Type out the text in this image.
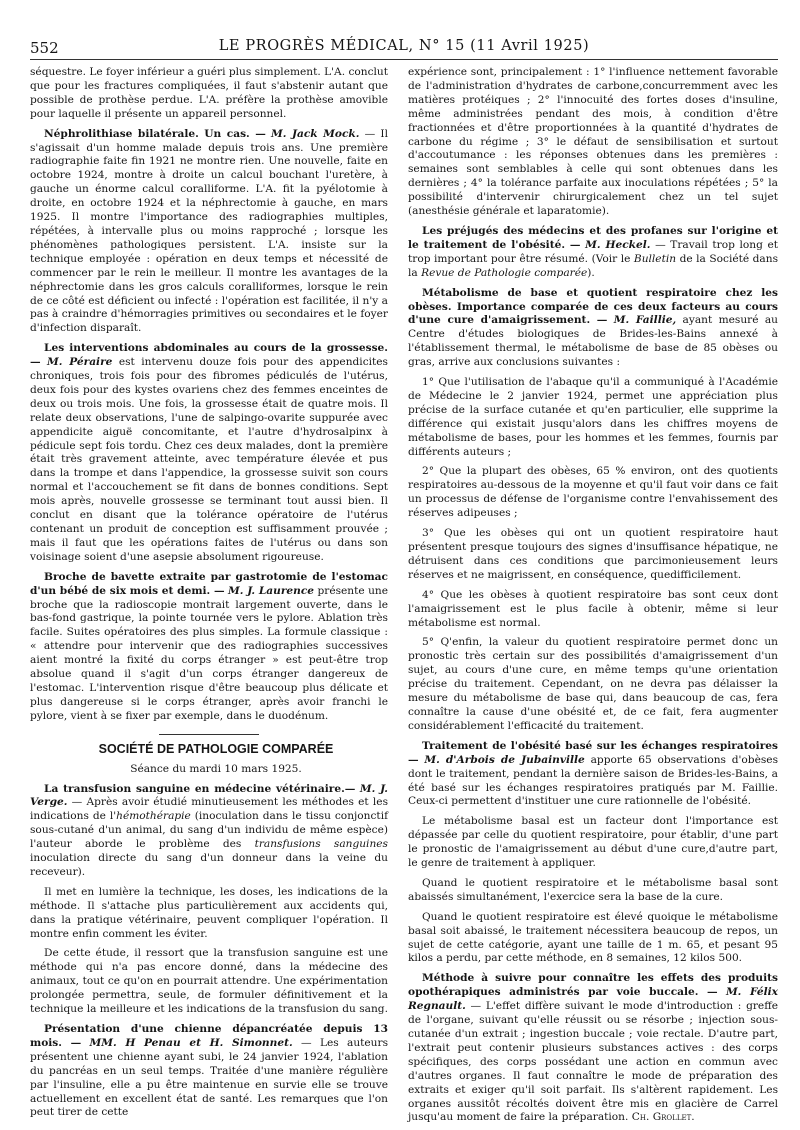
552	LE PROGRÈS MÉDICAL, N° 15 (11 Avril 1925)

séquestre. Le foyer inférieur a guéri plus simplement. L'A. conclut que pour les fractures compliquées, il faut s'abstenir autant que possible de prothèse perdue. L'A. préfère la prothèse amovible pour laquelle il présente un appareil personnel.

Néphrolithiase bilatérale. Un cas. — M. Jack Mock. — Il s'agissait d'un homme malade depuis trois ans. Une première radiographie faite fin 1921 ne montre rien. Une nouvelle, faite en octobre 1924, montre à droite un calcul bouchant l'uretère, à gauche un énorme calcul coralliforme. L'A. fit la pyélotomie à droite, en octobre 1924 et la néphrectomie à gauche, en mars 1925. Il montre l'importance des radiographies multiples, répétées, à intervalle plus ou moins rapproché ; lorsque les phénomènes pathologiques persistent. L'A. insiste sur la technique employée : opération en deux temps et nécessité de commencer par le rein le meilleur. Il montre les avantages de la néphrectomie dans les gros calculs coralliformes, lorsque le rein de ce côté est déficient ou infecté : l'opération est facilitée, il n'y a pas à craindre d'hémorragies primitives ou secondaires et le foyer d'infection disparaît.

Les interventions abdominales au cours de la grossesse. — M. Péraire est intervenu douze fois pour des appendicites chroniques, trois fois pour des fibromes pédiculés de l'utérus, deux fois pour des kystes ovariens chez des femmes enceintes de deux ou trois mois. Une fois, la grossesse était de quatre mois. Il relate deux observations, l'une de salpingo-ovarite suppurée avec appendicite aiguë concomitante, et l'autre d'hydrosalpinx à pédicule sept fois tordu. Chez ces deux malades, dont la première était très gravement atteinte, avec température élevée et pus dans la trompe et dans l'appendice, la grossesse suivit son cours normal et l'accouchement se fit dans de bonnes conditions. Sept mois après, nouvelle grossesse se terminant tout aussi bien. Il conclut en disant que la tolérance opératoire de l'utérus contenant un produit de conception est suffisamment prouvée ; mais il faut que les opérations faites de l'utérus ou dans son voisinage soient d'une asepsie absolument rigoureuse.

Broche de bavette extraite par gastrotomie de l'estomac d'un bébé de six mois et demi. — M. J. Laurence présente une broche que la radioscopie montrait largement ouverte, dans le bas-fond gastrique, la pointe tournée vers le pylore. Ablation très facile. Suites opératoires des plus simples. La formule classique : « attendre pour intervenir que des radiographies successives aient montré la fixité du corps étranger » est peut-être trop absolue quand il s'agit d'un corps étranger dangereux de l'estomac. L'intervention risque d'être beaucoup plus délicate et plus dangereuse si le corps étranger, après avoir franchi le pylore, vient à se fixer par exemple, dans le duodénum.

SOCIÉTÉ DE PATHOLOGIE COMPARÉE

Séance du mardi 10 mars 1925.

La transfusion sanguine en médecine vétérinaire.— M. J. Verge. — Après avoir étudié minutieusement les méthodes et les indications de l'hémothérapie (inoculation dans le tissu conjonctif sous-cutané d'un animal, du sang d'un individu de même espèce) l'auteur aborde le problème des transfusions sanguines inoculation directe du sang d'un donneur dans la veine du receveur).

Il met en lumière la technique, les doses, les indications de la méthode. Il s'attache plus particulièrement aux accidents qui, dans la pratique vétérinaire, peuvent compliquer l'opération. Il montre enfin comment les éviter.

De cette étude, il ressort que la transfusion sanguine est une méthode qui n'a pas encore donné, dans la médecine des animaux, tout ce qu'on en pourrait attendre. Une expérimentation prolongée permettra, seule, de formuler définitivement et la technique la meilleure et les indications de la transfusion du sang.

Présentation d'une chienne dépancréatée depuis 13 mois. — MM. H Penau et H. Simonnet. — Les auteurs présentent une chienne ayant subi, le 24 janvier 1924, l'ablation du pancréas en un seul temps. Traitée d'une manière régulière par l'insuline, elle a pu être maintenue en survie elle se trouve actuellement en excellent état de santé. Les remarques que l'on peut tirer de cette

expérience sont, principalement : 1° l'influence nettement favorable de l'administration d'hydrates de carbone,concurremment avec les matières protéiques ; 2° l'innocuité des fortes doses d'insuline, même administrées pendant des mois, à condition d'être fractionnées et d'être proportionnées à la quantité d'hydrates de carbone du régime ; 3° le défaut de sensibilisation et surtout d'accoutumance : les réponses obtenues dans les premières : semaines sont semblables à celle qui sont obtenues dans les dernières ; 4° la tolérance parfaite aux inoculations répétées ; 5° la possibilité d'intervenir chirurgicalement chez un tel sujet (anesthésie générale et laparatomie).

Les préjugés des médecins et des profanes sur l'origine et le traitement de l'obésité. — M. Heckel. — Travail trop long et trop important pour être résumé. (Voir le Bulletin de la Société dans la Revue de Pathologie comparée).

Métabolisme de base et quotient respiratoire chez les obèses. Importance comparée de ces deux facteurs au cours d'une cure d'amaigrissement. — M. Faillie, ayant mesuré au Centre d'études biologiques de Brides-les-Bains annexé à l'établissement thermal, le métabolisme de base de 85 obèses ou gras, arrive aux conclusions suivantes :

1° Que l'utilisation de l'abaque qu'il a communiqué à l'Académie de Médecine le 2 janvier 1924, permet une appréciation plus précise de la surface cutanée et qu'en particulier, elle supprime la différence qui existait jusqu'alors dans les chiffres moyens de métabolisme de bases, pour les hommes et les femmes, fournis par différents auteurs ;

2° Que la plupart des obèses, 65 % environ, ont des quotients respiratoires au-dessous de la moyenne et qu'il faut voir dans ce fait un processus de défense de l'organisme contre l'envahissement des réserves adipeuses ;

3° Que les obèses qui ont un quotient respiratoire haut présentent presque toujours des signes d'insuffisance hépatique, ne détruisent dans ces conditions que parcimonieusement leurs réserves et ne maigrissent, en conséquence, quedifficilement.

4° Que les obèses à quotient respiratoire bas sont ceux dont l'amaigrissement est le plus facile à obtenir, même si leur métabolisme est normal.

5° Q'enfin, la valeur du quotient respiratoire permet donc un pronostic très certain sur des possibilités d'amaigrissement d'un sujet, au cours d'une cure, en même temps qu'une orientation précise du traitement. Cependant, on ne devra pas délaisser la mesure du métabolisme de base qui, dans beaucoup de cas, fera connaître la cause d'une obésité et, de ce fait, fera augmenter considérablement l'efficacité du traitement.

Traitement de l'obésité basé sur les échanges respiratoires — M. d'Arbois de Jubainville apporte 65 observations d'obèses dont le traitement, pendant la dernière saison de Brides-les-Bains, a été basé sur les échanges respiratoires pratiqués par M. Faillie. Ceux-ci permettent d'instituer une cure rationnelle de l'obésité.

Le métabolisme basal est un facteur dont l'importance est dépassée par celle du quotient respiratoire, pour établir, d'une part le pronostic de l'amaigrissement au début d'une cure,d'autre part, le genre de traitement à appliquer.

Quand le quotient respiratoire et le métabolisme basal sont abaissés simultanément, l'exercice sera la base de la cure.

Quand le quotient respiratoire est élevé quoique le métabolisme basal soit abaissé, le traitement nécessitera beaucoup de repos, un sujet de cette catégorie, ayant une taille de 1 m. 65, et pesant 95 kilos a perdu, par cette méthode, en 8 semaines, 12 kilos 500.

Méthode à suivre pour connaître les effets des produits opothérapiques administrés par voie buccale. — M. Félix Regnault. — L'effet diffère suivant le mode d'introduction : greffe de l'organe, suivant qu'elle réussit ou se résorbe ; injection sous-cutanée d'un extrait ; ingestion buccale ; voie rectale. D'autre part, l'extrait peut contenir plusieurs substances actives : des corps spécifiques, des corps possédant une action en commun avec d'autres organes. Il faut connaître le mode de préparation des extraits et exiger qu'il soit parfait. Ils s'altèrent rapidement. Les organes aussitôt récoltés doivent être mis en glacière de Carrel jusqu'au moment de faire la préparation. Ch. Grollet.
